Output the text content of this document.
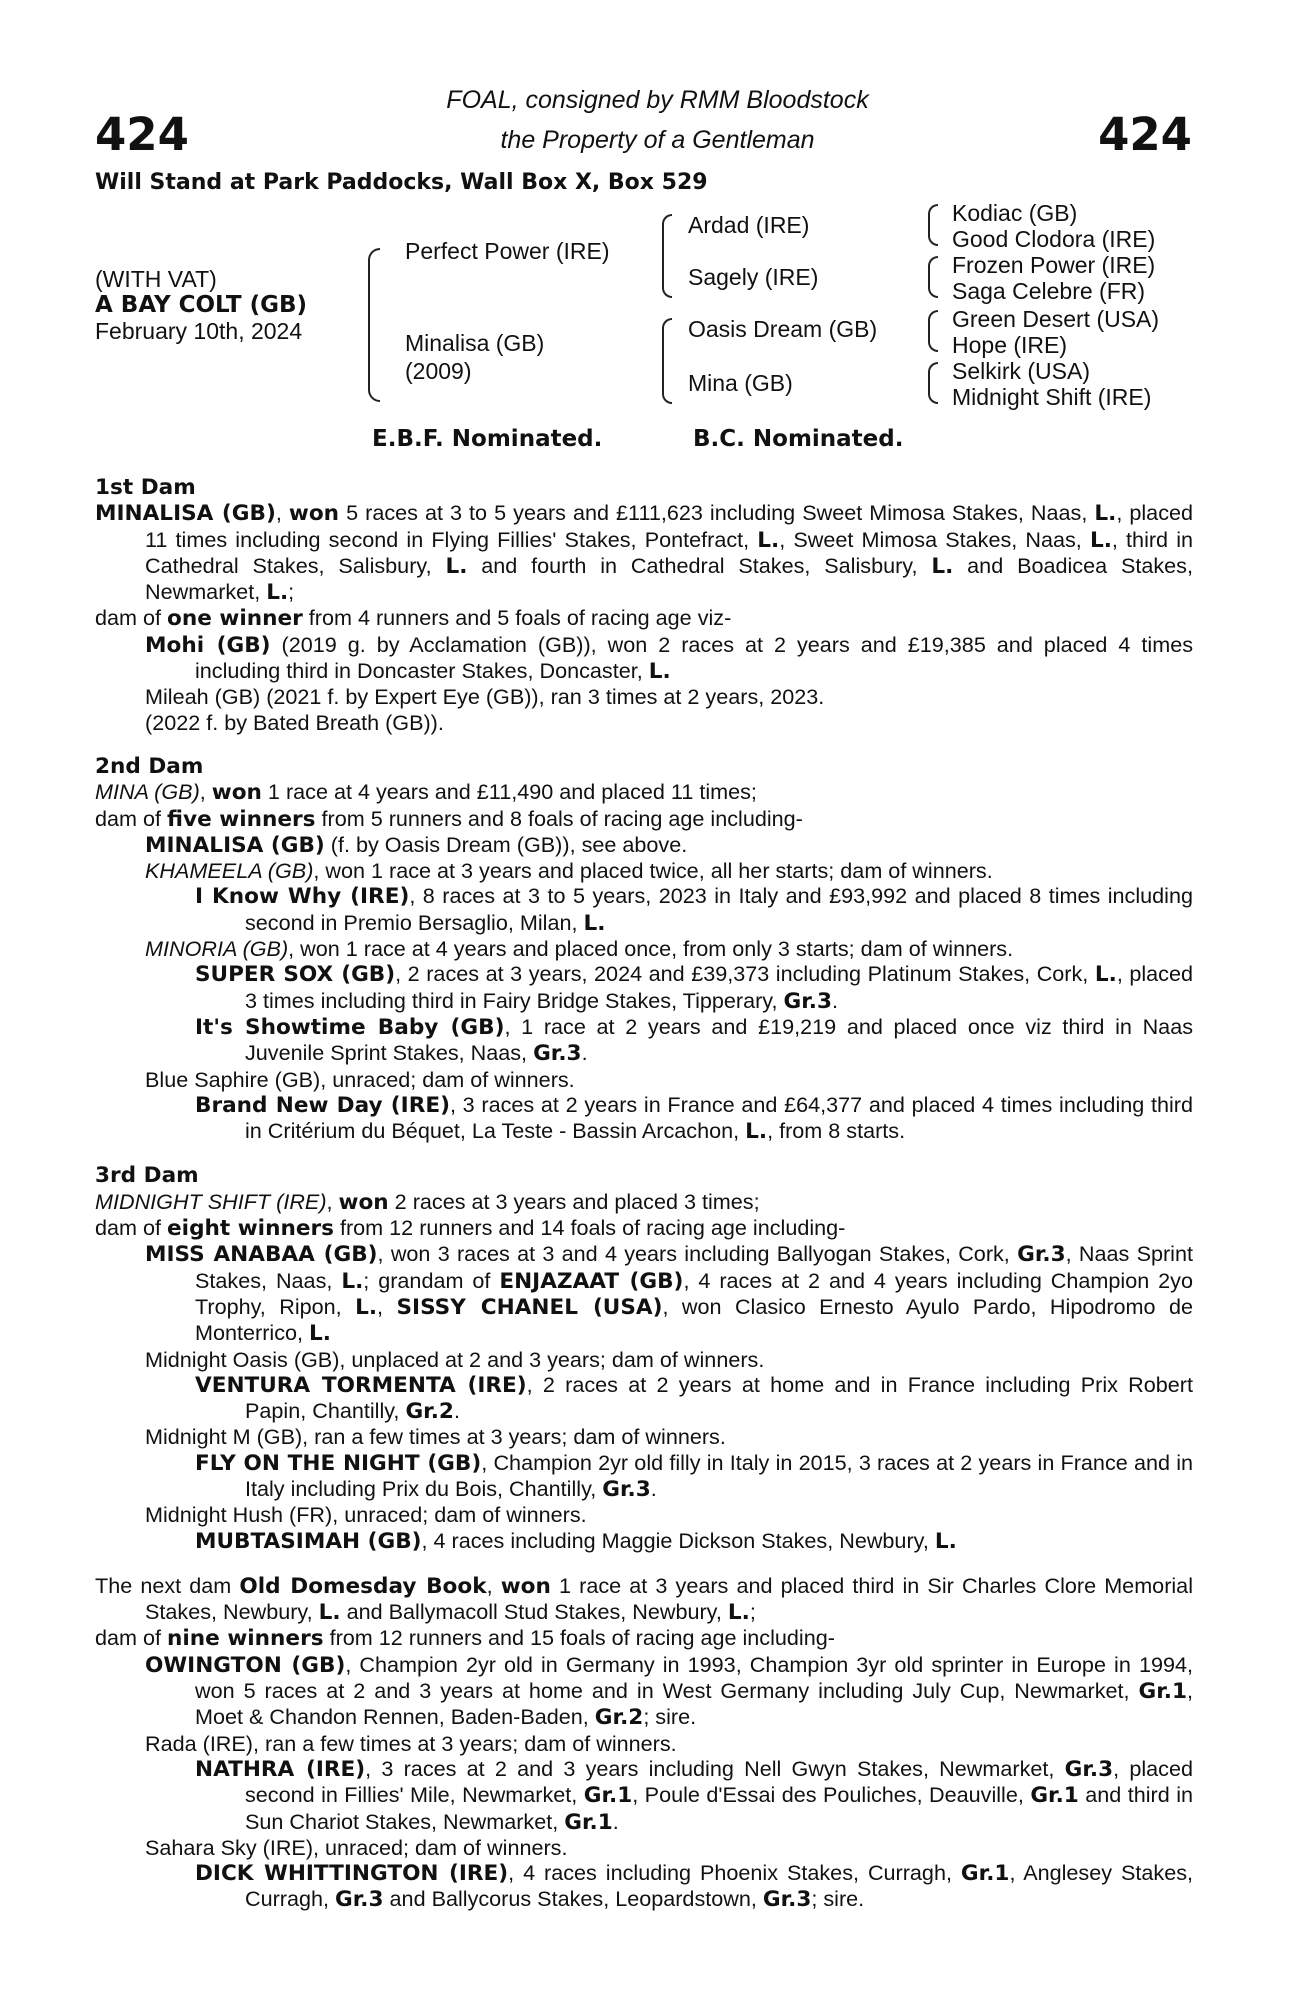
424	424
FOAL, consigned by RMM Bloodstock
the Property of a Gentleman
Will Stand at Park Paddocks, Wall Box X, Box 529
(WITH VAT)
A BAY COLT (GB)
February 10th, 2024
Perfect Power (IRE)
Minalisa (GB)
(2009)
Ardad (IRE)
Sagely (IRE)
Oasis Dream (GB)
Mina (GB)
Kodiac (GB)
Good Clodora (IRE)
Frozen Power (IRE)
Saga Celebre (FR)
Green Desert (USA)
Hope (IRE)
Selkirk (USA)
Midnight Shift (IRE)
E.B.F. Nominated.	B.C. Nominated.
1st Dam
MINALISA (GB), won 5 races at 3 to 5 years and £111,623 including Sweet Mimosa Stakes, Naas, L., placed 11 times including second in Flying Fillies' Stakes, Pontefract, L., Sweet Mimosa Stakes, Naas, L., third in Cathedral Stakes, Salisbury, L. and fourth in Cathedral Stakes, Salisbury, L. and Boadicea Stakes, Newmarket, L.;
dam of one winner from 4 runners and 5 foals of racing age viz-
Mohi (GB) (2019 g. by Acclamation (GB)), won 2 races at 2 years and £19,385 and placed 4 times including third in Doncaster Stakes, Doncaster, L.
Mileah (GB) (2021 f. by Expert Eye (GB)), ran 3 times at 2 years, 2023.
(2022 f. by Bated Breath (GB)).
2nd Dam
MINA (GB), won 1 race at 4 years and £11,490 and placed 11 times;
dam of five winners from 5 runners and 8 foals of racing age including-
MINALISA (GB) (f. by Oasis Dream (GB)), see above.
KHAMEELA (GB), won 1 race at 3 years and placed twice, all her starts; dam of winners.
I Know Why (IRE), 8 races at 3 to 5 years, 2023 in Italy and £93,992 and placed 8 times including second in Premio Bersaglio, Milan, L.
MINORIA (GB), won 1 race at 4 years and placed once, from only 3 starts; dam of winners.
SUPER SOX (GB), 2 races at 3 years, 2024 and £39,373 including Platinum Stakes, Cork, L., placed 3 times including third in Fairy Bridge Stakes, Tipperary, Gr.3.
It's Showtime Baby (GB), 1 race at 2 years and £19,219 and placed once viz third in Naas Juvenile Sprint Stakes, Naas, Gr.3.
Blue Saphire (GB), unraced; dam of winners.
Brand New Day (IRE), 3 races at 2 years in France and £64,377 and placed 4 times including third in Critérium du Béquet, La Teste - Bassin Arcachon, L., from 8 starts.
3rd Dam
MIDNIGHT SHIFT (IRE), won 2 races at 3 years and placed 3 times;
dam of eight winners from 12 runners and 14 foals of racing age including-
MISS ANABAA (GB), won 3 races at 3 and 4 years including Ballyogan Stakes, Cork, Gr.3, Naas Sprint Stakes, Naas, L.; grandam of ENJAZAAT (GB), 4 races at 2 and 4 years including Champion 2yo Trophy, Ripon, L., SISSY CHANEL (USA), won Clasico Ernesto Ayulo Pardo, Hipodromo de Monterrico, L.
Midnight Oasis (GB), unplaced at 2 and 3 years; dam of winners.
VENTURA TORMENTA (IRE), 2 races at 2 years at home and in France including Prix Robert Papin, Chantilly, Gr.2.
Midnight M (GB), ran a few times at 3 years; dam of winners.
FLY ON THE NIGHT (GB), Champion 2yr old filly in Italy in 2015, 3 races at 2 years in France and in Italy including Prix du Bois, Chantilly, Gr.3.
Midnight Hush (FR), unraced; dam of winners.
MUBTASIMAH (GB), 4 races including Maggie Dickson Stakes, Newbury, L.
The next dam Old Domesday Book, won 1 race at 3 years and placed third in Sir Charles Clore Memorial Stakes, Newbury, L. and Ballymacoll Stud Stakes, Newbury, L.;
dam of nine winners from 12 runners and 15 foals of racing age including-
OWINGTON (GB), Champion 2yr old in Germany in 1993, Champion 3yr old sprinter in Europe in 1994, won 5 races at 2 and 3 years at home and in West Germany including July Cup, Newmarket, Gr.1, Moet & Chandon Rennen, Baden-Baden, Gr.2; sire.
Rada (IRE), ran a few times at 3 years; dam of winners.
NATHRA (IRE), 3 races at 2 and 3 years including Nell Gwyn Stakes, Newmarket, Gr.3, placed second in Fillies' Mile, Newmarket, Gr.1, Poule d'Essai des Pouliches, Deauville, Gr.1 and third in Sun Chariot Stakes, Newmarket, Gr.1.
Sahara Sky (IRE), unraced; dam of winners.
DICK WHITTINGTON (IRE), 4 races including Phoenix Stakes, Curragh, Gr.1, Anglesey Stakes, Curragh, Gr.3 and Ballycorus Stakes, Leopardstown, Gr.3; sire.
